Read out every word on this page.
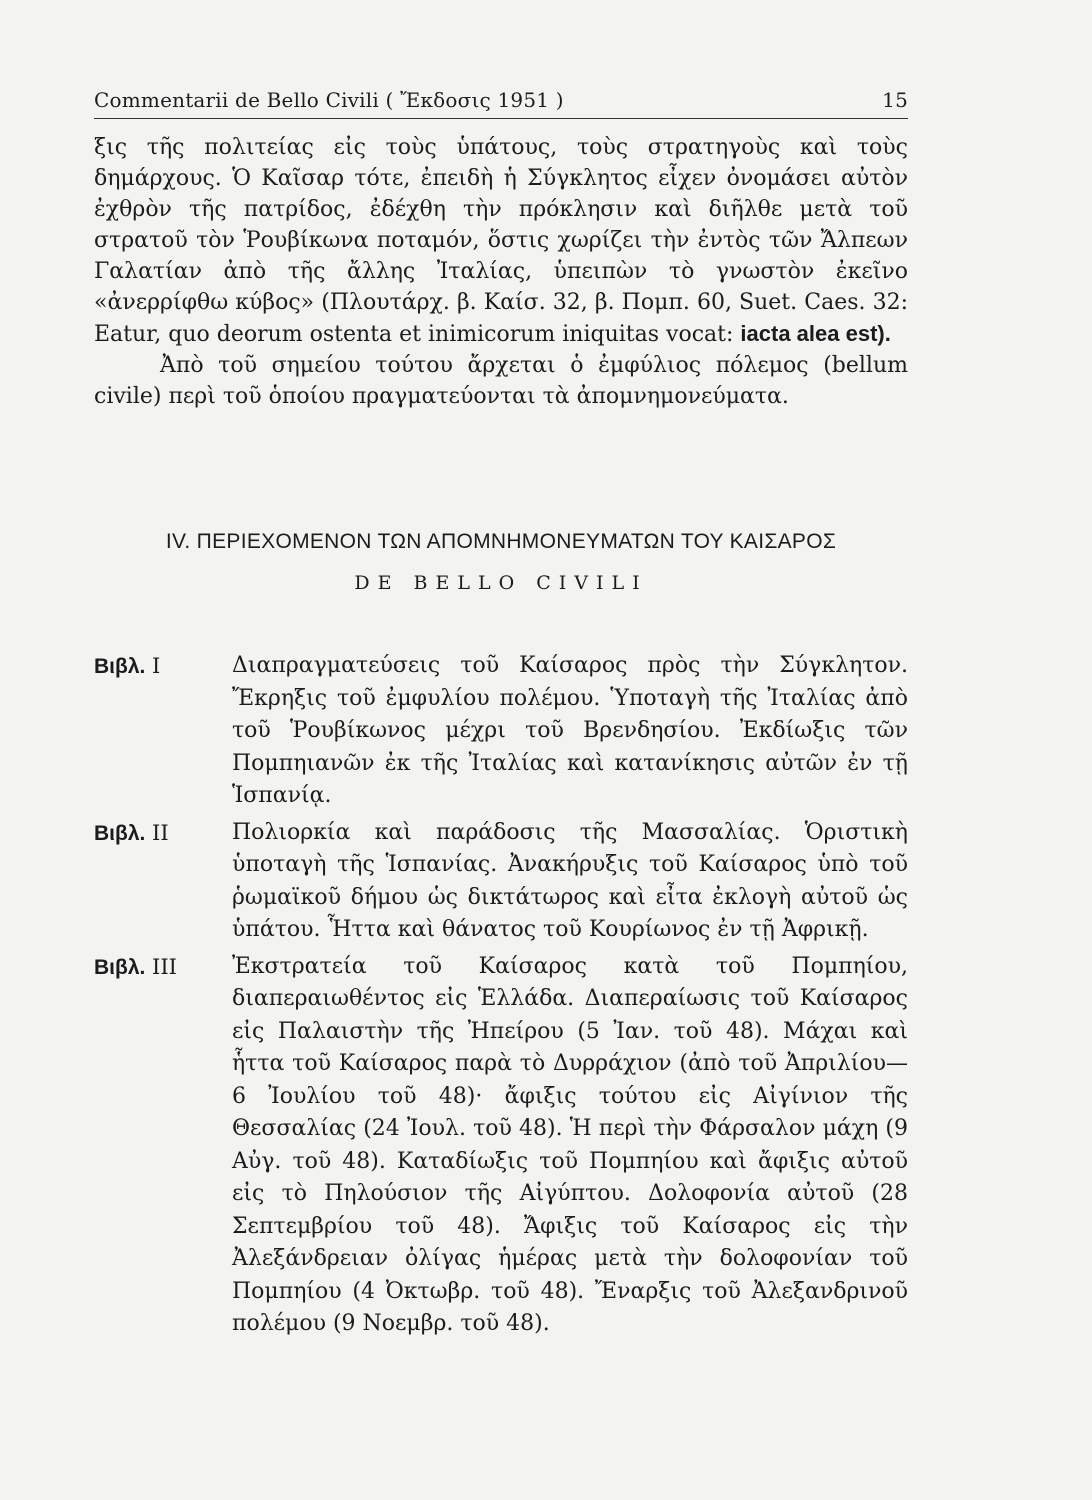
Commentarii de Bello Civili ( Ἔκδοσις 1951 )	15

ξις τῆς πολιτείας εἰς τοὺς ὑπάτους, τοὺς στρατηγοὺς καὶ τοὺς δημάρχους. Ὁ Καῖσαρ τότε, ἐπειδὴ ἡ Σύγκλητος εἶχεν ὀνομάσει αὐτὸν ἐχθρὸν τῆς πατρίδος, ἐδέχθη τὴν πρόκλησιν καὶ διῆλθε μετὰ τοῦ στρατοῦ τὸν Ῥουβίκωνα ποταμόν, ὅστις χωρίζει τὴν ἐντὸς τῶν Ἄλπεων Γαλατίαν ἀπὸ τῆς ἄλλης Ἰταλίας, ὑπειπὼν τὸ γνωστὸν ἐκεῖνο «ἀνερρίφθω κύβος» (Πλουτάρχ. β. Καίσ. 32, β. Πομπ. 60, Suet. Caes. 32: Eatur, quo deorum ostenta et inimicorum iniquitas vocat: iacta alea est).

Ἀπὸ τοῦ σημείου τούτου ἄρχεται ὁ ἐμφύλιος πόλεμος (bellum civile) περὶ τοῦ ὁποίου πραγματεύονται τὰ ἀπομνημονεύματα.

IV. ΠΕΡΙΕΧΟΜΕΝΟΝ ΤΩΝ ΑΠΟΜΝΗΜΟΝΕΥΜΑΤΩΝ ΤΟΥ ΚΑΙΣΑΡΟΣ
DE BELLO CIVILI
Βιβλ. I	Διαπραγματεύσεις τοῦ Καίσαρος πρὸς τὴν Σύγκλητον. Ἔκρηξις τοῦ ἐμφυλίου πολέμου. Ὑποταγὴ τῆς Ἰταλίας ἀπὸ τοῦ Ῥουβίκωνος μέχρι τοῦ Βρενδησίου. Ἐκδίωξις τῶν Πομπηιανῶν ἐκ τῆς Ἰταλίας καὶ κατανίκησις αὐτῶν ἐν τῇ Ἱσπανίᾳ.
Βιβλ. II	Πολιορκία καὶ παράδοσις τῆς Μασσαλίας. Ὁριστικὴ ὑποταγὴ τῆς Ἱσπανίας. Ἀνακήρυξις τοῦ Καίσαρος ὑπὸ τοῦ ῥωμαϊκοῦ δήμου ὡς δικτάτωρος καὶ εἶτα ἐκλογὴ αὐτοῦ ὡς ὑπάτου. Ἧττα καὶ θάνατος τοῦ Κουρίωνος ἐν τῇ Ἀφρικῇ.
Βιβλ. III	Ἐκστρατεία τοῦ Καίσαρος κατὰ τοῦ Πομπηίου, διαπεραιωθέντος εἰς Ἑλλάδα. Διαπεραίωσις τοῦ Καίσαρος εἰς Παλαιστὴν τῆς Ἠπείρου (5 Ἰαν. τοῦ 48). Μάχαι καὶ ἧττα τοῦ Καίσαρος παρὰ τὸ Δυρράχιον (ἀπὸ τοῦ Ἀπριλίου—6 Ἰουλίου τοῦ 48)· ἄφιξις τούτου εἰς Αἰγίνιον τῆς Θεσσαλίας (24 Ἰουλ. τοῦ 48). Ἡ περὶ τὴν Φάρσαλον μάχη (9 Αὐγ. τοῦ 48). Καταδίωξις τοῦ Πομπηίου καὶ ἄφιξις αὐτοῦ εἰς τὸ Πηλούσιον τῆς Αἰγύπτου. Δολοφονία αὐτοῦ (28 Σεπτεμβρίου τοῦ 48). Ἄφιξις τοῦ Καίσαρος εἰς τὴν Ἀλεξάνδρειαν ὀλίγας ἡμέρας μετὰ τὴν δολοφονίαν τοῦ Πομπηίου (4 Ὀκτωβρ. τοῦ 48). Ἔναρξις τοῦ Ἀλεξανδρινοῦ πολέμου (9 Νοεμβρ. τοῦ 48).
